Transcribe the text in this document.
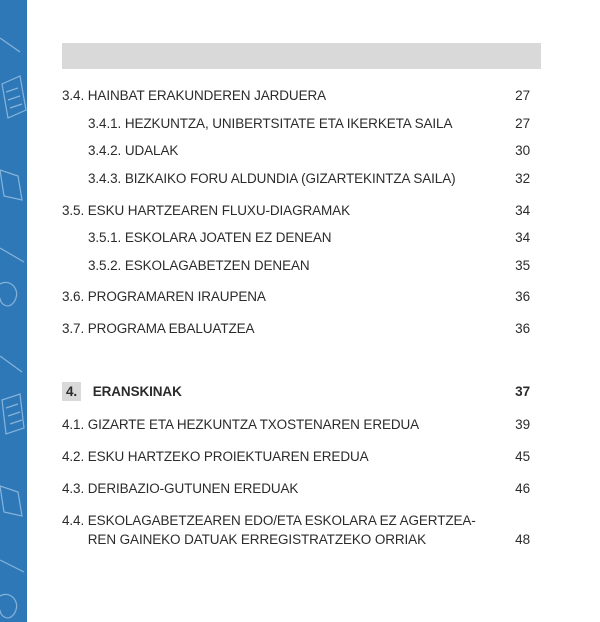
3.4. HAINBAT ERAKUNDEREN JARDUERA	27
3.4.1. HEZKUNTZA, UNIBERTSITATE ETA IKERKETA SAILA	27
3.4.2. UDALAK	30
3.4.3. BIZKAIKO FORU ALDUNDIA (GIZARTEKINTZA SAILA)	32
3.5. ESKU HARTZEAREN FLUXU-DIAGRAMAK	34
3.5.1. ESKOLARA JOATEN EZ DENEAN	34
3.5.2. ESKOLAGABETZEN DENEAN	35
3.6. PROGRAMAREN IRAUPENA	36
3.7. PROGRAMA EBALUATZEA	36
4. ERANSKINAK	37
4.1. GIZARTE ETA HEZKUNTZA TXOSTENAREN EREDUA	39
4.2. ESKU HARTZEKO PROIEKTUAREN EREDUA	45
4.3. DERIBAZIO-GUTUNEN EREDUAK	46
4.4. ESKOLAGABETZEAREN EDO/ETA ESKOLARA EZ AGERTZEA-
REN GAINEKO DATUAK ERREGISTRATZEKO ORRIAK	48
